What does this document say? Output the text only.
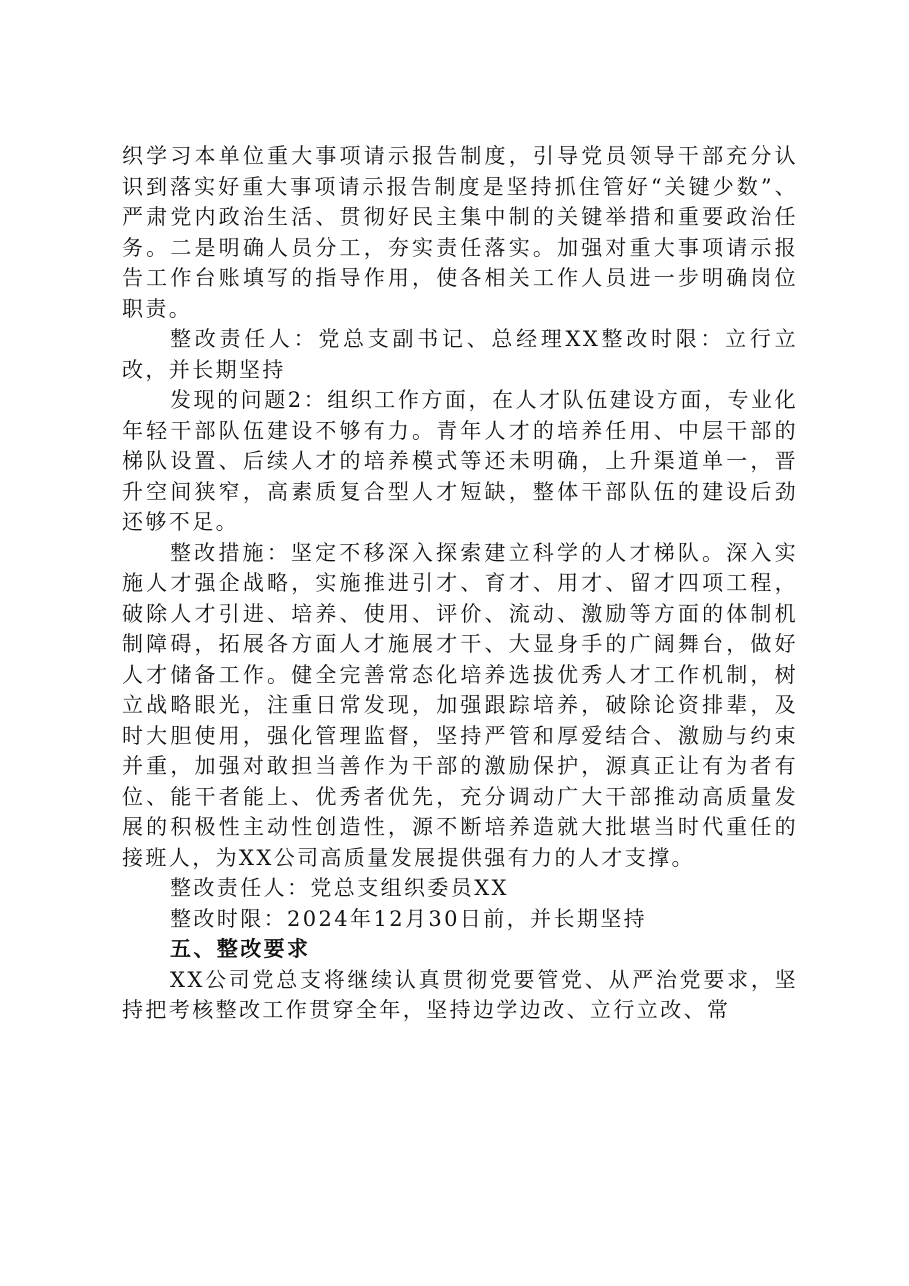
织学习本单位重大事项请示报告制度，引导党员领导干部充分认识到落实好重大事项请示报告制度是坚持抓住管好“关键少数”、严肃党内政治生活、贯彻好民主集中制的关键举措和重要政治任务。二是明确人员分工，夯实责任落实。加强对重大事项请示报告工作台账填写的指导作用，使各相关工作人员进一步明确岗位职责。

整改责任人：党总支副书记、总经理XX整改时限：立行立改，并长期坚持

发现的问题2：组织工作方面，在人才队伍建设方面，专业化年轻干部队伍建设不够有力。青年人才的培养任用、中层干部的梯队设置、后续人才的培养模式等还未明确，上升渠道单一，晋升空间狭窄，高素质复合型人才短缺，整体干部队伍的建设后劲还够不足。

整改措施：坚定不移深入探索建立科学的人才梯队。深入实施人才强企战略，实施推进引才、育才、用才、留才四项工程，破除人才引进、培养、使用、评价、流动、激励等方面的体制机制障碍，拓展各方面人才施展才干、大显身手的广阔舞台，做好人才储备工作。健全完善常态化培养选拔优秀人才工作机制，树立战略眼光，注重日常发现，加强跟踪培养，破除论资排辈，及时大胆使用，强化管理监督，坚持严管和厚爱结合、激励与约束并重，加强对敢担当善作为干部的激励保护，源真正让有为者有位、能干者能上、优秀者优先，充分调动广大干部推动高质量发展的积极性主动性创造性，源不断培养造就大批堪当时代重任的接班人，为XX公司高质量发展提供强有力的人才支撑。

整改责任人：党总支组织委员XX

整改时限：2024年12月30日前，并长期坚持

五、整改要求

XX公司党总支将继续认真贯彻党要管党、从严治党要求，坚持把考核整改工作贯穿全年，坚持边学边改、立行立改、常
